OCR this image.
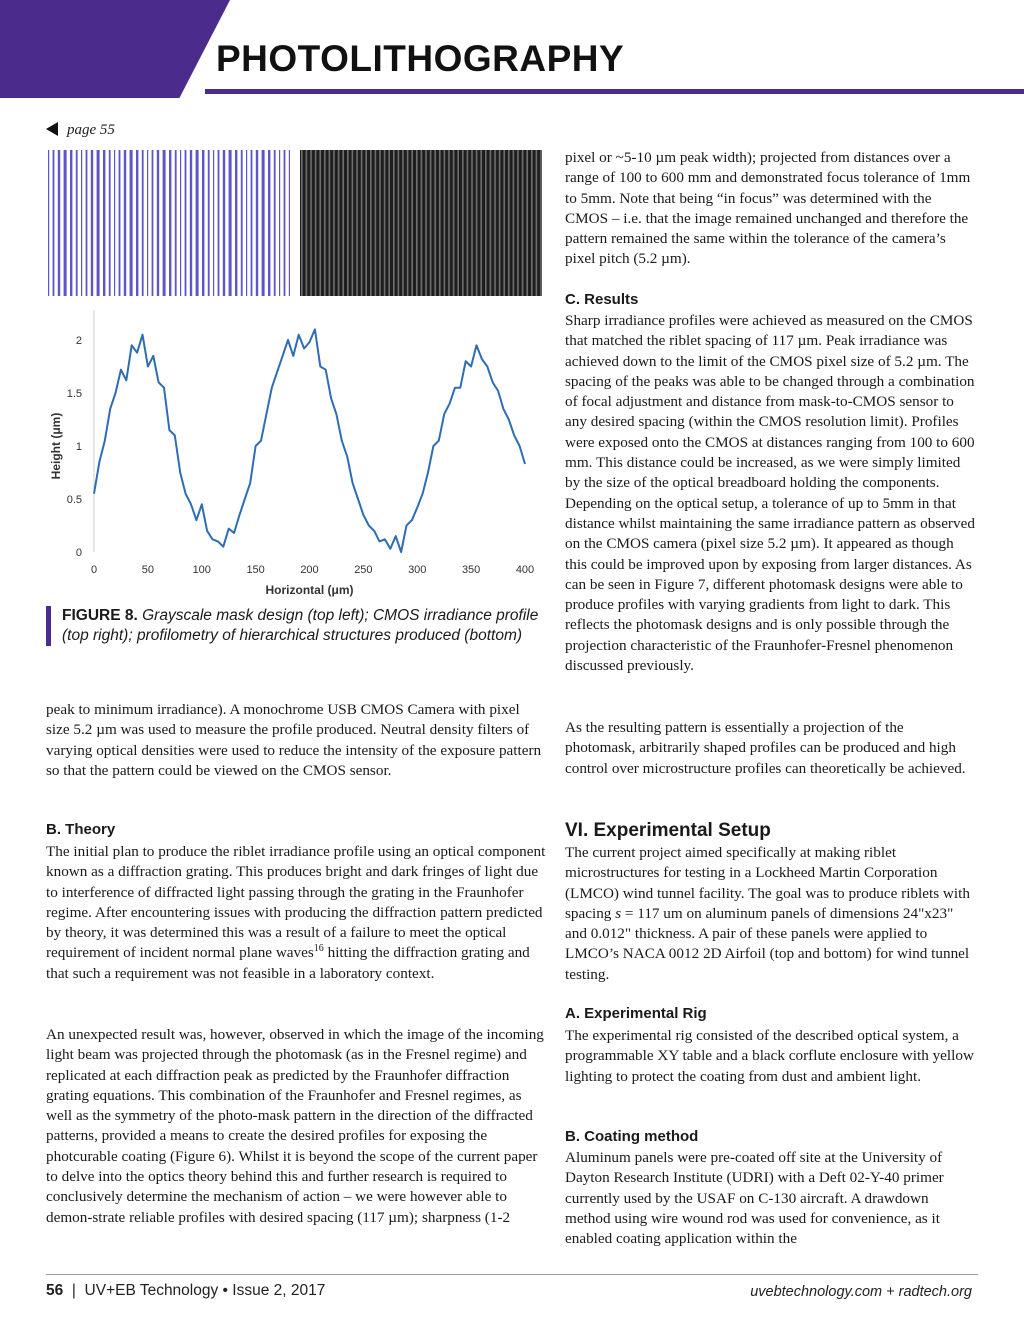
PHOTOLITHOGRAPHY
page 55
0
0.5
1
1.5
2
0	50	100	150	200	250	300	350	400
Horizontal (μm)
Height (μm)
FIGURE 8. Grayscale mask design (top left); CMOS irradiance profile (top right); profilometry of hierarchical structures produced (bottom)
peak to minimum irradiance). A monochrome USB CMOS Camera with pixel size 5.2 µm was used to measure the profile produced. Neutral density filters of varying optical densities were used to reduce the intensity of the exposure pattern so that the pattern could be viewed on the CMOS sensor.
B. Theory
The initial plan to produce the riblet irradiance profile using an optical component known as a diffraction grating. This produces bright and dark fringes of light due to interference of diffracted light passing through the grating in the Fraunhofer regime. After encountering issues with producing the diffraction pattern predicted by theory, it was determined this was a result of a failure to meet the optical requirement of incident normal plane waves$^{16}$ hitting the diffraction grating and that such a requirement was not feasible in a laboratory context.
An unexpected result was, however, observed in which the image of the incoming light beam was projected through the photomask (as in the Fresnel regime) and replicated at each diffraction peak as predicted by the Fraunhofer diffraction grating equations. This combination of the Fraunhofer and Fresnel regimes, as well as the symmetry of the photo-mask pattern in the direction of the diffracted patterns, provided a means to create the desired profiles for exposing the photcurable coating (Figure 6). Whilst it is beyond the scope of the current paper to delve into the optics theory behind this and further research is required to conclusively determine the mechanism of action – we were however able to demon-strate reliable profiles with desired spacing (117 µm); sharpness (1-2
pixel or ~5-10 µm peak width); projected from distances over a range of 100 to 600 mm and demonstrated focus tolerance of 1mm to 5mm. Note that being “in focus” was determined with the CMOS – i.e. that the image remained unchanged and therefore the pattern remained the same within the tolerance of the camera’s pixel pitch (5.2 µm).
C. Results
Sharp irradiance profiles were achieved as measured on the CMOS that matched the riblet spacing of 117 µm. Peak irradiance was achieved down to the limit of the CMOS pixel size of 5.2 µm. The spacing of the peaks was able to be changed through a combination of focal adjustment and distance from mask-to-CMOS sensor to any desired spacing (within the CMOS resolution limit). Profiles were exposed onto the CMOS at distances ranging from 100 to 600 mm. This distance could be increased, as we were simply limited by the size of the optical breadboard holding the components. Depending on the optical setup, a tolerance of up to 5mm in that distance whilst maintaining the same irradiance pattern as observed on the CMOS camera (pixel size 5.2 µm). It appeared as though this could be improved upon by exposing from larger distances. As can be seen in Figure 7, different photomask designs were able to produce profiles with varying gradients from light to dark. This reflects the photomask designs and is only possible through the projection characteristic of the Fraunhofer-Fresnel phenomenon discussed previously.
As the resulting pattern is essentially a projection of the photomask, arbitrarily shaped profiles can be produced and high control over microstructure profiles can theoretically be achieved.
VI. Experimental Setup
The current project aimed specifically at making riblet microstructures for testing in a Lockheed Martin Corporation (LMCO) wind tunnel facility. The goal was to produce riblets with spacing s = 117 um on aluminum panels of dimensions 24"x23" and 0.012" thickness. A pair of these panels were applied to LMCO’s NACA 0012 2D Airfoil (top and bottom) for wind tunnel testing.
A. Experimental Rig
The experimental rig consisted of the described optical system, a programmable XY table and a black corflute enclosure with yellow lighting to protect the coating from dust and ambient light.
B. Coating method
Aluminum panels were pre-coated off site at the University of Dayton Research Institute (UDRI) with a Deft 02-Y-40 primer currently used by the USAF on C-130 aircraft. A drawdown method using wire wound rod was used for convenience, as it enabled coating application within the
56 | UV+EB Technology • Issue 2, 2017	uvebtechnology.com + radtech.org
